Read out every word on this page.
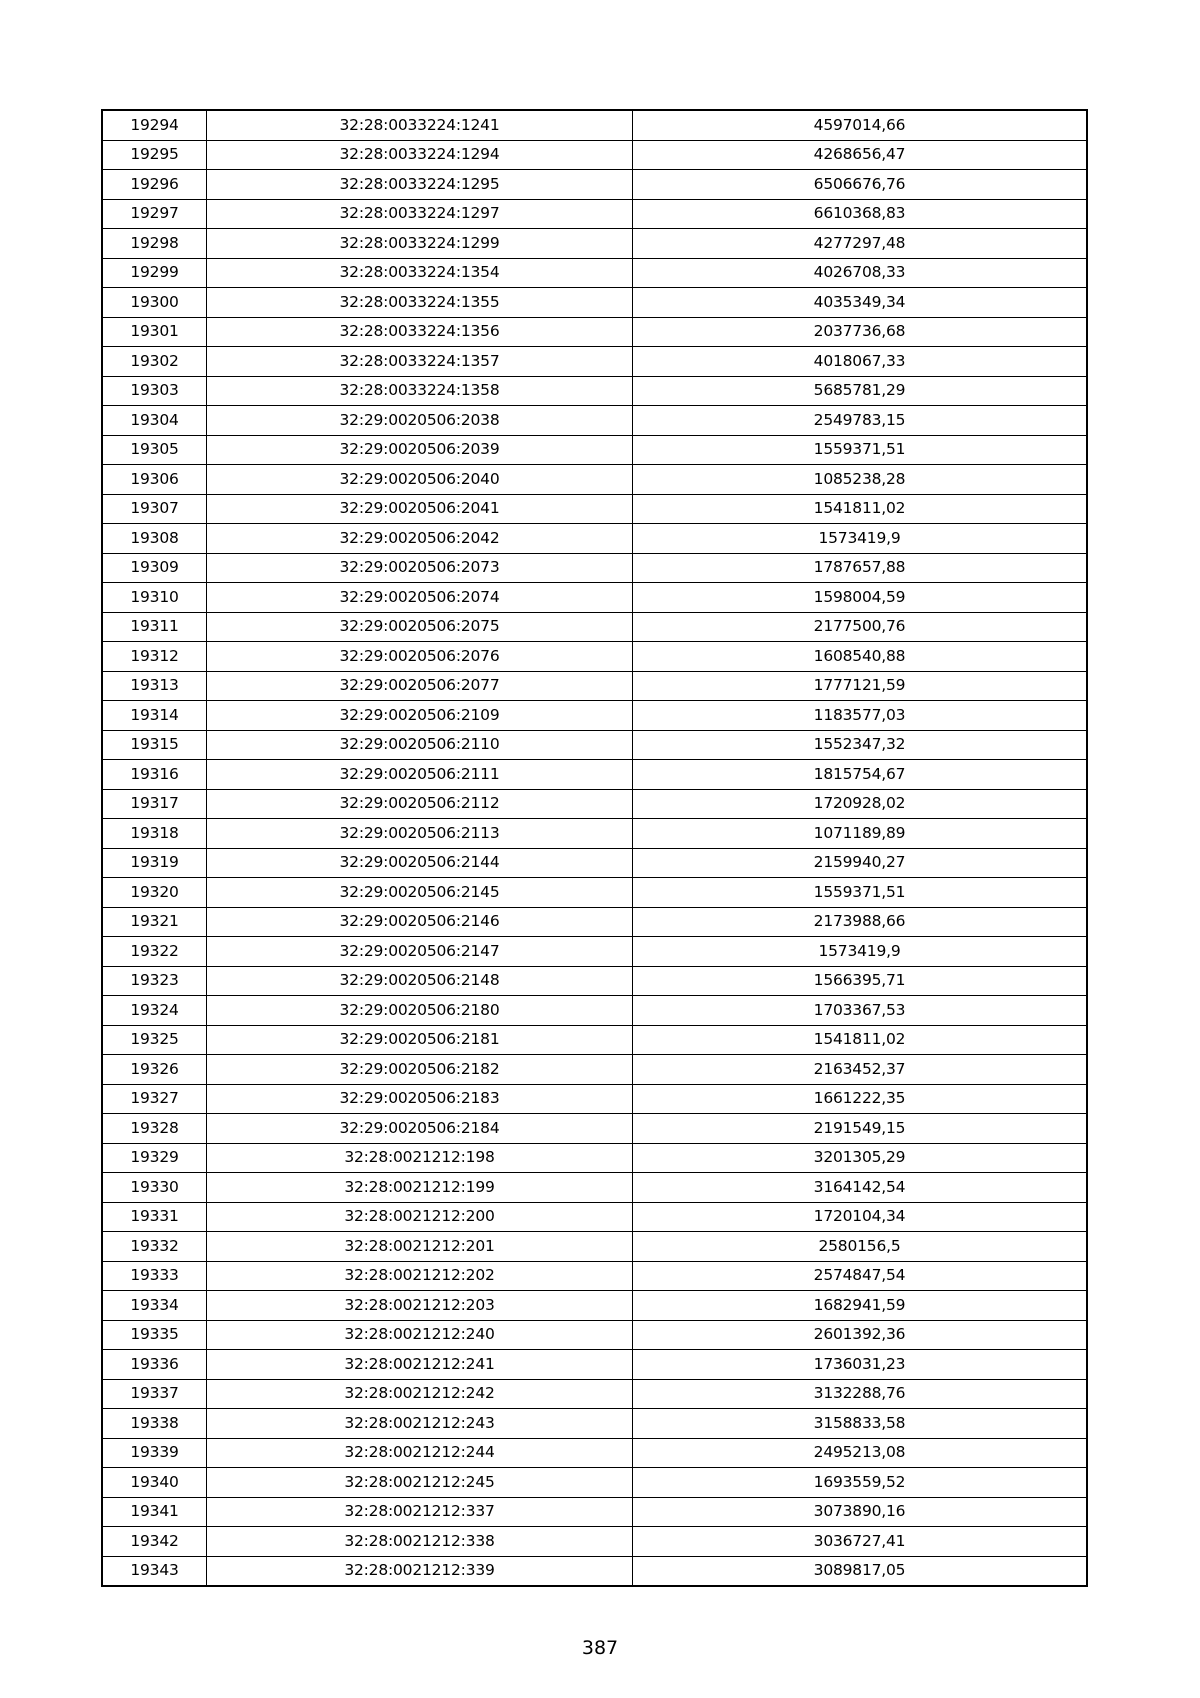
19294	32:28:0033224:1241	4597014,66
19295	32:28:0033224:1294	4268656,47
19296	32:28:0033224:1295	6506676,76
19297	32:28:0033224:1297	6610368,83
19298	32:28:0033224:1299	4277297,48
19299	32:28:0033224:1354	4026708,33
19300	32:28:0033224:1355	4035349,34
19301	32:28:0033224:1356	2037736,68
19302	32:28:0033224:1357	4018067,33
19303	32:28:0033224:1358	5685781,29
19304	32:29:0020506:2038	2549783,15
19305	32:29:0020506:2039	1559371,51
19306	32:29:0020506:2040	1085238,28
19307	32:29:0020506:2041	1541811,02
19308	32:29:0020506:2042	1573419,9
19309	32:29:0020506:2073	1787657,88
19310	32:29:0020506:2074	1598004,59
19311	32:29:0020506:2075	2177500,76
19312	32:29:0020506:2076	1608540,88
19313	32:29:0020506:2077	1777121,59
19314	32:29:0020506:2109	1183577,03
19315	32:29:0020506:2110	1552347,32
19316	32:29:0020506:2111	1815754,67
19317	32:29:0020506:2112	1720928,02
19318	32:29:0020506:2113	1071189,89
19319	32:29:0020506:2144	2159940,27
19320	32:29:0020506:2145	1559371,51
19321	32:29:0020506:2146	2173988,66
19322	32:29:0020506:2147	1573419,9
19323	32:29:0020506:2148	1566395,71
19324	32:29:0020506:2180	1703367,53
19325	32:29:0020506:2181	1541811,02
19326	32:29:0020506:2182	2163452,37
19327	32:29:0020506:2183	1661222,35
19328	32:29:0020506:2184	2191549,15
19329	32:28:0021212:198	3201305,29
19330	32:28:0021212:199	3164142,54
19331	32:28:0021212:200	1720104,34
19332	32:28:0021212:201	2580156,5
19333	32:28:0021212:202	2574847,54
19334	32:28:0021212:203	1682941,59
19335	32:28:0021212:240	2601392,36
19336	32:28:0021212:241	1736031,23
19337	32:28:0021212:242	3132288,76
19338	32:28:0021212:243	3158833,58
19339	32:28:0021212:244	2495213,08
19340	32:28:0021212:245	1693559,52
19341	32:28:0021212:337	3073890,16
19342	32:28:0021212:338	3036727,41
19343	32:28:0021212:339	3089817,05
387
